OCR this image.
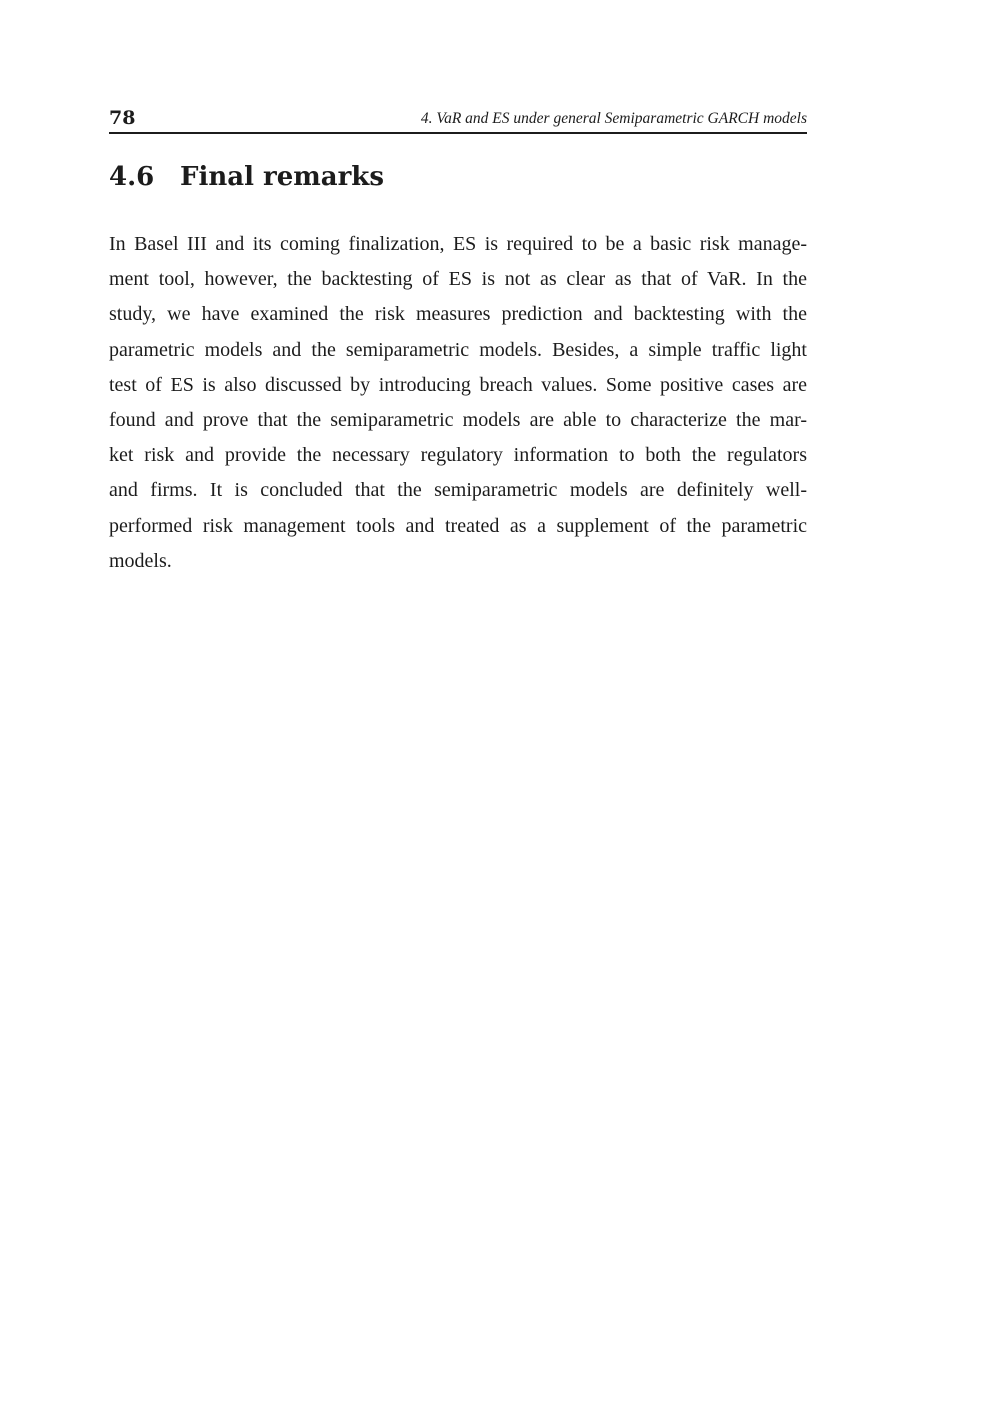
78	4. VaR and ES under general Semiparametric GARCH models
4.6 Final remarks

In Basel III and its coming finalization, ES is required to be a basic risk manage-
ment tool, however, the backtesting of ES is not as clear as that of VaR. In the
study, we have examined the risk measures prediction and backtesting with the
parametric models and the semiparametric models. Besides, a simple traffic light
test of ES is also discussed by introducing breach values. Some positive cases are
found and prove that the semiparametric models are able to characterize the mar-
ket risk and provide the necessary regulatory information to both the regulators
and firms. It is concluded that the semiparametric models are definitely well-
performed risk management tools and treated as a supplement of the parametric
models.
